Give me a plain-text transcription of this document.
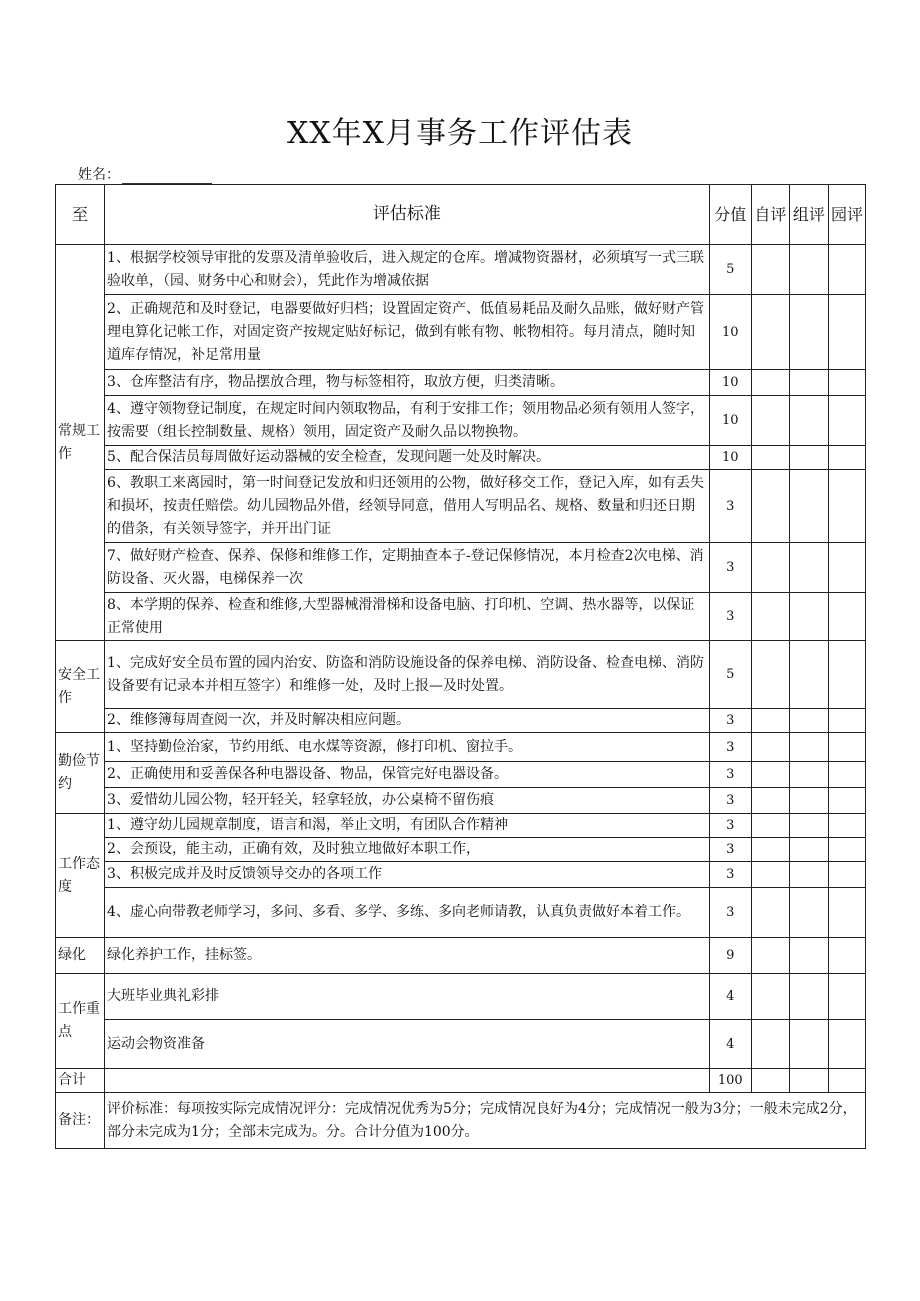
XX年X月事务工作评估表
姓名：
至	评估标准	分值	自评	组评	园评
常规工作	1、根据学校领导审批的发票及清单验收后，进入规定的仓库。增减物资器材，必须填写一式三联验收单，（园、财务中心和财会），凭此作为增减依据	5			
	2、正确规范和及时登记，电器要做好归档；设置固定资产、低值易耗品及耐久品账，做好财产管理电算化记帐工作，对固定资产按规定贴好标记，做到有帐有物、帐物相符。每月清点，随时知道库存情况，补足常用量	10			
	3、仓库整洁有序，物品摆放合理，物与标签相符，取放方便，归类清晰。	10			
	4、遵守领物登记制度，在规定时间内领取物品，有利于安排工作；领用物品必须有领用人签字，按需要（组长控制数量、规格）领用，固定资产及耐久品以物换物。	10			
	5、配合保洁员每周做好运动器械的安全检查，发现问题一处及时解决。	10			
	6、教职工来离园时，第一时间登记发放和归还领用的公物，做好移交工作，登记入库，如有丢失和损坏，按责任赔偿。幼儿园物品外借，经领导同意，借用人写明品名、规格、数量和归还日期的借条，有关领导签字，并开出门证	3			
	7、做好财产检查、保养、保修和维修工作，定期抽查本子-登记保修情况，本月检查2次电梯、消防设备、灭火器，电梯保养一次	3			
	8、本学期的保养、检查和维修,大型器械滑滑梯和设备电脑、打印机、空调、热水器等，以保证正常使用	3			
安全工作	1、完成好安全员布置的园内治安、防盗和消防设施设备的保养电梯、消防设备、检查电梯、消防设备要有记录本并相互签字）和维修一处，及时上报—及时处置。	5			
	2、维修簿每周查阅一次，并及时解决相应问题。	3			
勤俭节约	1、坚持勤俭治家，节约用纸、电水煤等资源，修打印机、窗拉手。	3			
	2、正确使用和妥善保各种电器设备、物品，保管完好电器设备。	3			
	3、爱惜幼儿园公物，轻开轻关，轻拿轻放，办公桌椅不留伤痕	3			
工作态度	1、遵守幼儿园规章制度，语言和渴，举止文明，有团队合作精神	3			
	2、会预设，能主动，正确有效，及时独立地做好本职工作，	3			
	3、积极完成并及时反馈领导交办的各项工作	3			
	4、虚心向带教老师学习，多问、多看、多学、多练、多向老师请教，认真负责做好本着工作。	3			
绿化	绿化养护工作，挂标签。	9			
工作重点	大班毕业典礼彩排	4			
	运动会物资准备	4			
合计		100			
备注：	评价标准：每项按实际完成情况评分：完成情况优秀为5分；完成情况良好为4分；完成情况一般为3分；一般未完成2分，部分未完成为1分；全部未完成为。分。合计分值为100分。				
